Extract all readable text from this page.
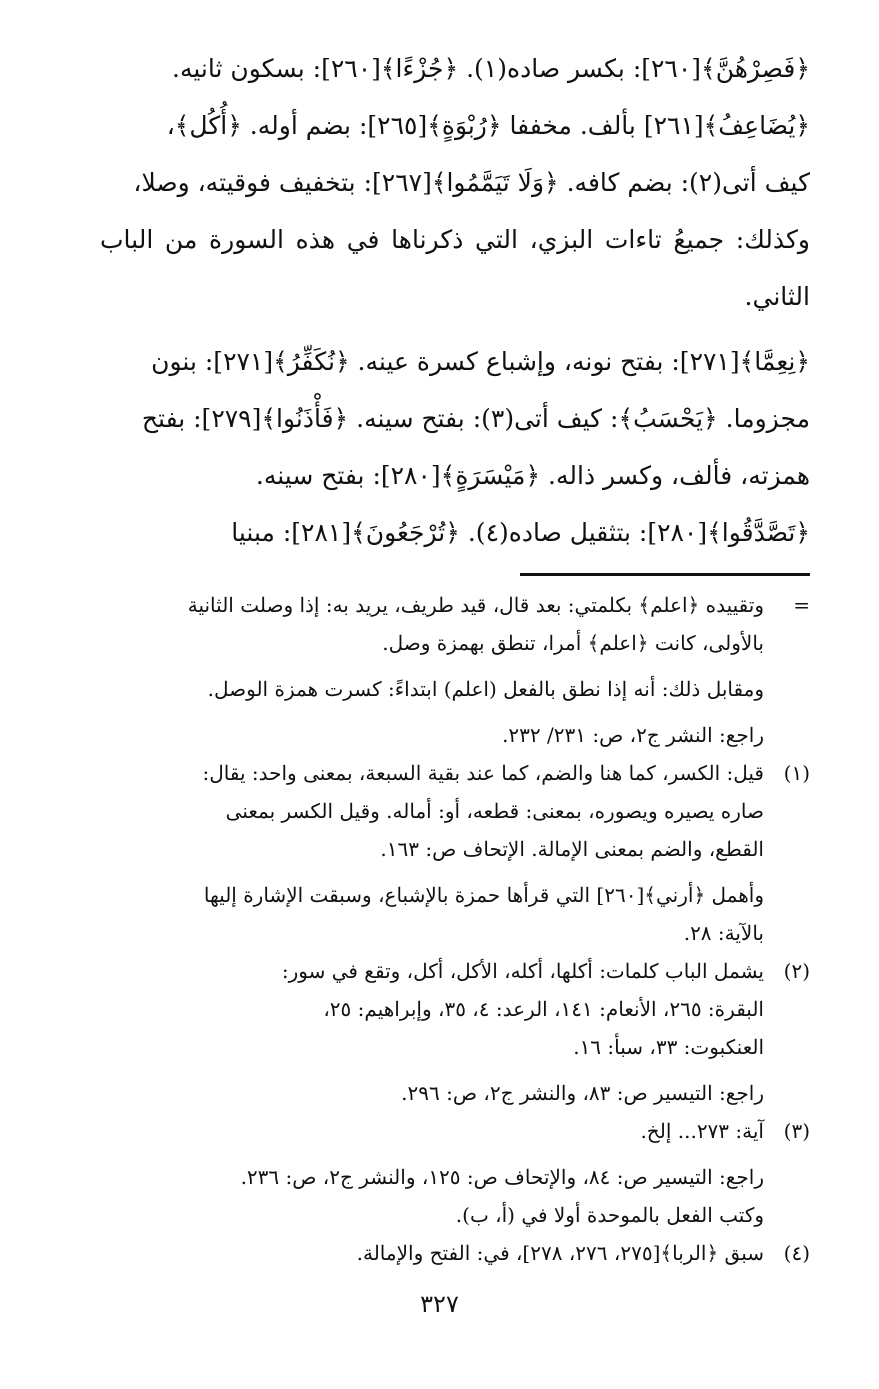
﴿فَصِرْهُنَّ﴾[٢٦٠]: بكسر صاده(١). ﴿جُزْءًا﴾[٢٦٠]: بسكون ثانيه.
﴿يُضَاعِفُ﴾[٢٦١] بألف. مخففا ﴿رُبْوَةٍ﴾[٢٦٥]: بضم أوله. ﴿أُكُل﴾،
كيف أتى(٢): بضم كافه. ﴿وَلَا تَيَمَّمُوا﴾[٢٦٧]: بتخفيف فوقيته، وصلا،
وكذلك: جميعُ تاءات البزي، التي ذكرناها في هذه السورة من الباب الثاني.

﴿نِعِمَّا﴾[٢٧١]: بفتح نونه، وإشباع كسرة عينه. ﴿نُكَفِّرُ﴾[٢٧١]: بنون
مجزوما. ﴿يَحْسَبُ﴾: كيف أتى(٣): بفتح سينه. ﴿فَأْذَنُوا﴾[٢٧٩]: بفتح
همزته، فألف، وكسر ذاله. ﴿مَيْسَرَةٍ﴾[٢٨٠]: بفتح سينه.
﴿تَصَّدَّقُوا﴾[٢٨٠]: بتثقيل صاده(٤). ﴿تُرْجَعُونَ﴾[٢٨١]: مبنيا

=
وتقييده ﴿اعلم﴾ بكلمتي: بعد قال، قيد طريف، يريد به: إذا وصلت الثانية
بالأولى، كانت ﴿اعلم﴾ أمرا، تنطق بهمزة وصل.
ومقابل ذلك: أنه إذا نطق بالفعل (اعلم) ابتداءً: كسرت همزة الوصل.
راجع: النشر ج٢، ص: ٢٣١/ ٢٣٢.
(١)
قيل: الكسر، كما هنا والضم، كما عند بقية السبعة، بمعنى واحد: يقال:
صاره يصيره ويصوره، بمعنى: قطعه، أو: أماله. وقيل الكسر بمعنى
القطع، والضم بمعنى الإمالة. الإتحاف ص: ١٦٣.
وأهمل ﴿أرني﴾[٢٦٠] التي قرأها حمزة بالإشباع، وسبقت الإشارة إليها
بالآية: ٢٨.
(٢)
يشمل الباب كلمات: أكلها، أكله، الأكل، أكل، وتقع في سور:
البقرة: ٢٦٥، الأنعام: ١٤١، الرعد: ٤، ٣٥، وإبراهيم: ٢٥،
العنكبوت: ٣٣، سبأ: ١٦.
راجع: التيسير ص: ٨٣، والنشر ج٢، ص: ٢٩٦.
(٣)
آية: ٢٧٣... إلخ.
راجع: التيسير ص: ٨٤، والإتحاف ص: ١٢٥، والنشر ج٢، ص: ٢٣٦.
وكتب الفعل بالموحدة أولا في (أ، ب).
(٤)
سبق ﴿الربا﴾[٢٧٥، ٢٧٦، ٢٧٨]، في: الفتح والإمالة.
٣٢٧
